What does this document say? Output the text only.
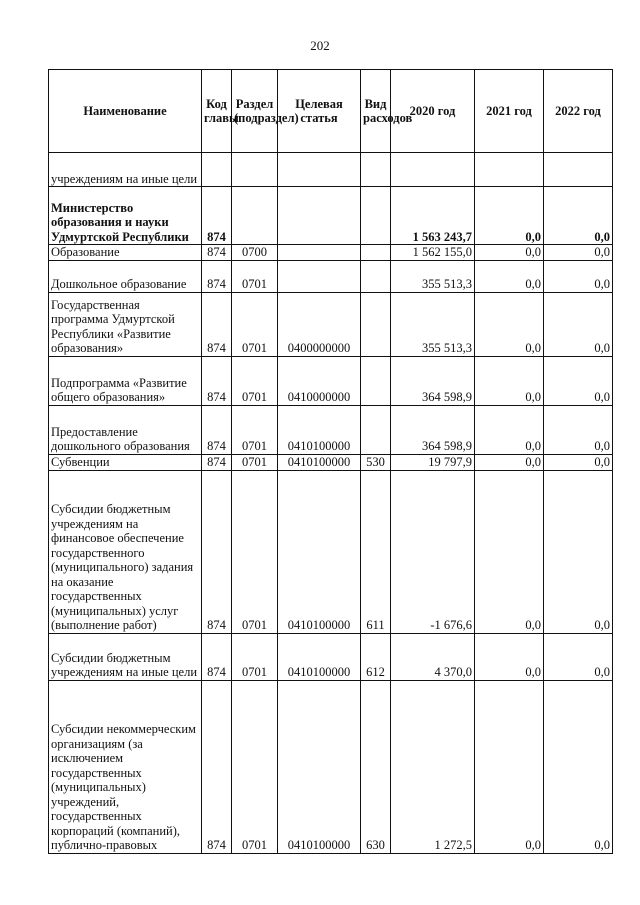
202
Наименование	Код главы	Раздел (подраздел)	Целевая статья	Вид расходов	2020 год	2021 год	2022 год
учреждениям на иные цели							
Министерство образования и науки Удмуртской Республики	874				1 563 243,7	0,0	0,0
Образование	874	0700			1 562 155,0	0,0	0,0
Дошкольное образование	874	0701			355 513,3	0,0	0,0
Государственная программа Удмуртской Республики «Развитие образования»	874	0701	0400000000		355 513,3	0,0	0,0
Подпрограмма «Развитие общего образования»	874	0701	0410000000		364 598,9	0,0	0,0
Предоставление дошкольного образования	874	0701	0410100000		364 598,9	0,0	0,0
Субвенции	874	0701	0410100000	530	19 797,9	0,0	0,0
Субсидии бюджетным учреждениям на финансовое обеспечение государственного (муниципального) задания на оказание государственных (муниципальных) услуг (выполнение работ)	874	0701	0410100000	611	-1 676,6	0,0	0,0
Субсидии бюджетным учреждениям на иные цели	874	0701	0410100000	612	4 370,0	0,0	0,0
Субсидии некоммерческим организациям (за исключением государственных (муниципальных) учреждений, государственных корпораций (компаний), публично-правовых	874	0701	0410100000	630	1 272,5	0,0	0,0
